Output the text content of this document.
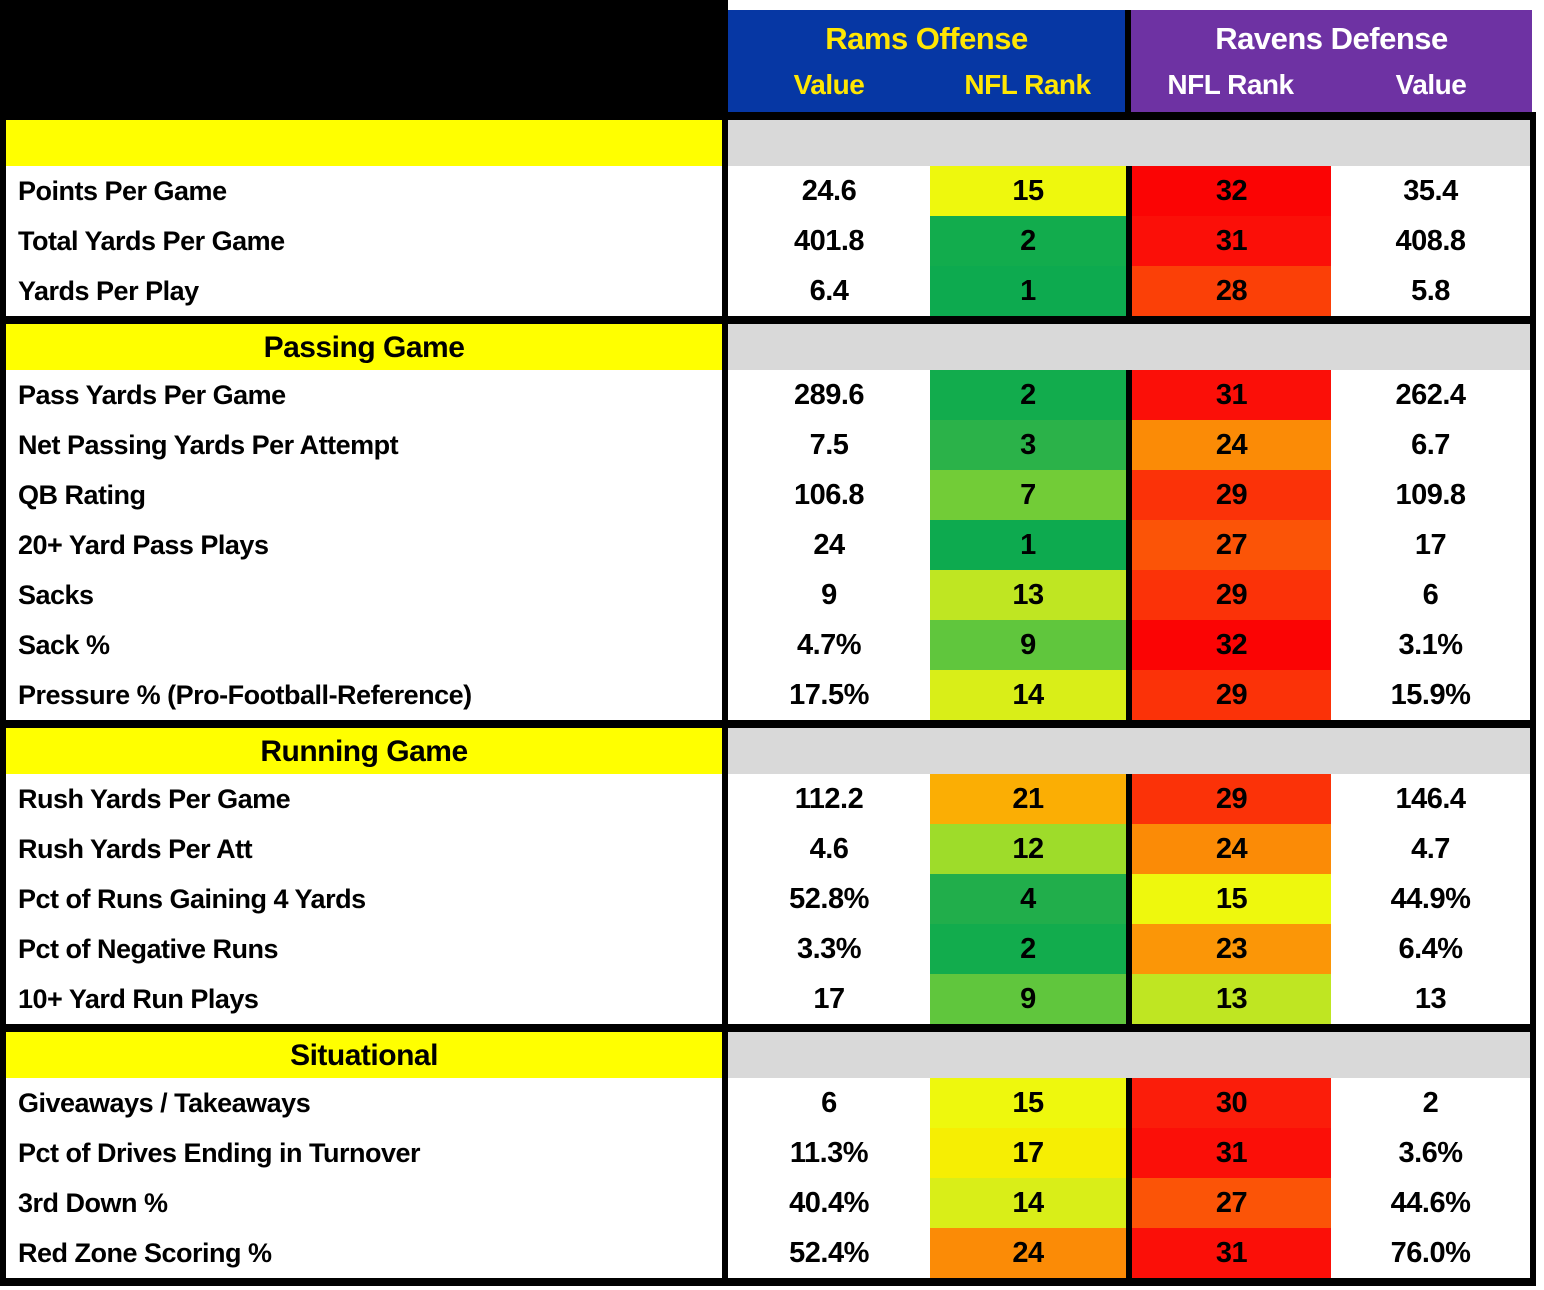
Rams Offense
Value	NFL Rank
Ravens Defense
NFL Rank	Value
Points Per Game	24.6	15	32	35.4
Total Yards Per Game	401.8	2	31	408.8
Yards Per Play	6.4	1	28	5.8
Passing Game
Pass Yards Per Game	289.6	2	31	262.4
Net Passing Yards Per Attempt	7.5	3	24	6.7
QB Rating	106.8	7	29	109.8
20+ Yard Pass Plays	24	1	27	17
Sacks	9	13	29	6
Sack %	4.7%	9	32	3.1%
Pressure % (Pro-Football-Reference)	17.5%	14	29	15.9%
Running Game
Rush Yards Per Game	112.2	21	29	146.4
Rush Yards Per Att	4.6	12	24	4.7
Pct of Runs Gaining 4 Yards	52.8%	4	15	44.9%
Pct of Negative Runs	3.3%	2	23	6.4%
10+ Yard Run Plays	17	9	13	13
Situational
Giveaways / Takeaways	6	15	30	2
Pct of Drives Ending in Turnover	11.3%	17	31	3.6%
3rd Down %	40.4%	14	27	44.6%
Red Zone Scoring %	52.4%	24	31	76.0%
